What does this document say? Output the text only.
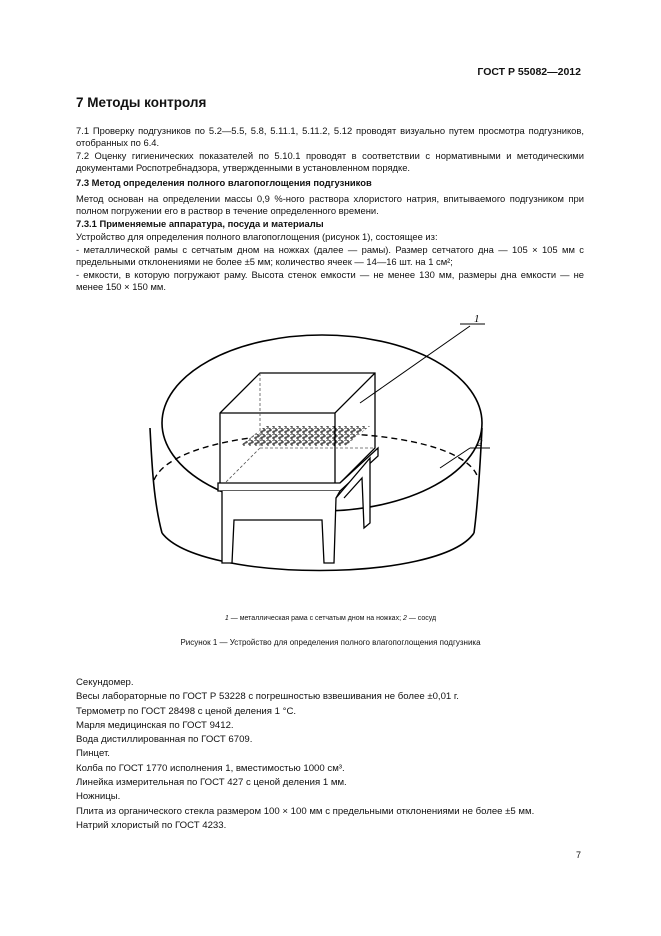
ГОСТ Р 55082—2012
7 Методы контроля

7.1 Проверку подгузников по 5.2—5.5, 5.8, 5.11.1, 5.11.2, 5.12 проводят визуально путем просмотра подгузников, отобранных по 6.4.

7.2 Оценку гигиенических показателей по 5.10.1 проводят в соответствии с нормативными и методическими документами Роспотребнадзора, утвержденными в установленном порядке.

7.3 Метод определения полного влагопоглощения подгузников
Метод основан на определении массы 0,9 %-ного раствора хлористого натрия, впитываемого подгузником при полном погружении его в раствор в течение определенного времени.
7.3.1 Применяемые аппаратура, посуда и материалы
Устройство для определения полного влагопоглощения (рисунок 1), состоящее из:
- металлической рамы с сетчатым дном на ножках (далее — рамы). Размер сетчатого дна — 105 × 105 мм с предельными отклонениями не более ±5 мм; количество ячеек — 14—16 шт. на 1 см²;
- емкости, в которую погружают раму. Высота стенок емкости — не менее 130 мм, размеры дна емкости — не менее 150 × 150 мм.
1
2
1 — металлическая рама с сетчатым дном на ножках; 2 — сосуд
Рисунок 1 — Устройство для определения полного влагопоглощения подгузника
Секундомер.
Весы лабораторные по ГОСТ Р 53228 с погрешностью взвешивания не более ±0,01 г.
Термометр по ГОСТ 28498 с ценой деления 1 °С.
Марля медицинская по ГОСТ 9412.
Вода дистиллированная по ГОСТ 6709.
Пинцет.
Колба по ГОСТ 1770 исполнения 1, вместимостью 1000 см³.
Линейка измерительная по ГОСТ 427 с ценой деления 1 мм.
Ножницы.
Плита из органического стекла размером 100 × 100 мм с предельными отклонениями не более ±5 мм.
Натрий хлористый по ГОСТ 4233.
7
